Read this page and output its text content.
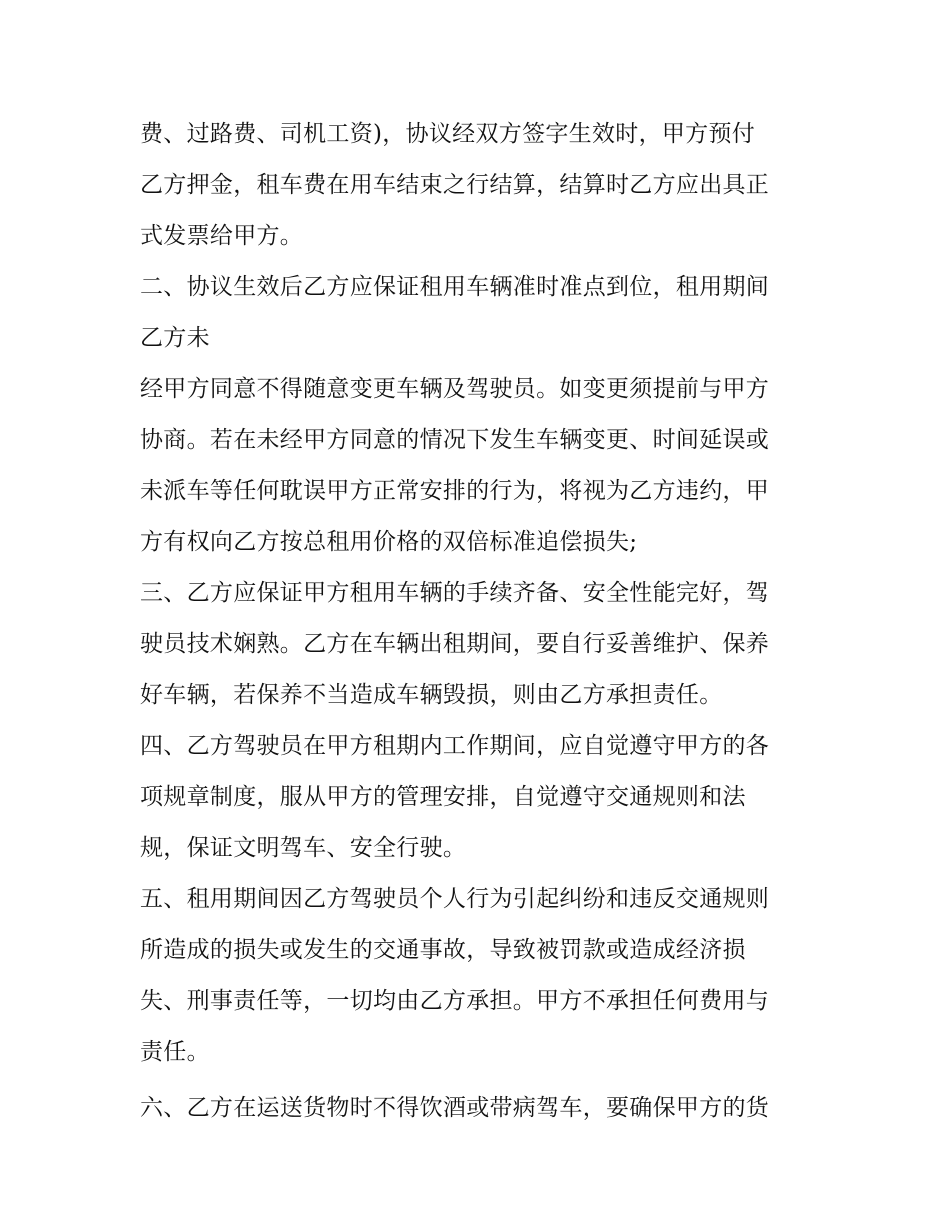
费、过路费、司机工资)，协议经双方签字生效时，甲方预付

乙方押金，租车费在用车结束之行结算，结算时乙方应出具正

式发票给甲方。

二、协议生效后乙方应保证租用车辆准时准点到位，租用期间

乙方未

经甲方同意不得随意变更车辆及驾驶员。如变更须提前与甲方

协商。若在未经甲方同意的情况下发生车辆变更、时间延误或

未派车等任何耽误甲方正常安排的行为，将视为乙方违约，甲

方有权向乙方按总租用价格的双倍标准追偿损失;

三、乙方应保证甲方租用车辆的手续齐备、安全性能完好，驾

驶员技术娴熟。乙方在车辆出租期间，要自行妥善维护、保养

好车辆，若保养不当造成车辆毁损，则由乙方承担责任。

四、乙方驾驶员在甲方租期内工作期间，应自觉遵守甲方的各

项规章制度，服从甲方的管理安排，自觉遵守交通规则和法

规，保证文明驾车、安全行驶。

五、租用期间因乙方驾驶员个人行为引起纠纷和违反交通规则

所造成的损失或发生的交通事故，导致被罚款或造成经济损

失、刑事责任等，一切均由乙方承担。甲方不承担任何费用与

责任。

六、乙方在运送货物时不得饮酒或带病驾车，要确保甲方的货
